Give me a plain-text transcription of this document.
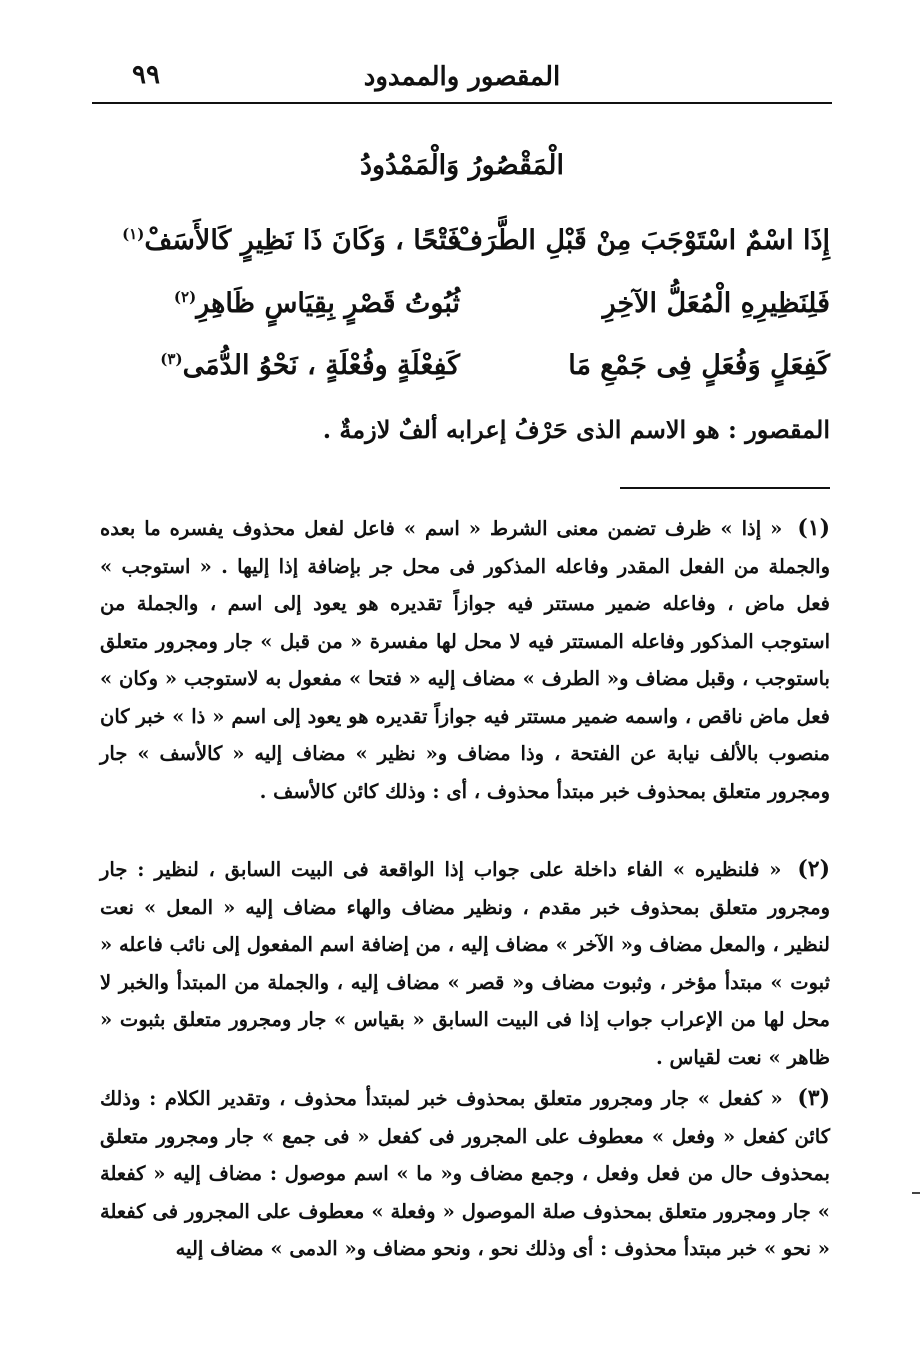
المقصور والممدود
٩٩
الْمَقْصُورُ وَالْمَمْدُودُ
إِذَا اسْمٌ اسْتَوْجَبَ مِنْ قَبْلِ الطَّرَفْ
فَتْحًا ، وَكَانَ ذَا نَظِيرٍ كَالأَسَفْ$^{(١)}$
فَلِنَظِيرِهِ الْمُعَلُّ الآخِرِ
ثُبُوتُ قَصْرٍ بِقِيَاسٍ ظَاهِرِ$^{(٢)}$
كَفِعَلٍ وَفُعَلٍ فِى جَمْعِ مَا
كَفِعْلَةٍ وفُعْلَةٍ ، نَحْوُ الدُّمَى$^{(٣)}$
المقصور : هو الاسم الذى حَرْفُ إعرابه ألفٌ لازمةٌ .
(١) « إذا » ظرف تضمن معنى الشرط « اسم » فاعل لفعل محذوف يفسره ما بعده والجملة من الفعل المقدر وفاعله المذكور فى محل جر بإضافة إذا إليها . « استوجب » فعل ماض ، وفاعله ضمير مستتر فيه جوازاً تقديره هو يعود إلى اسم ، والجملة من استوجب المذكور وفاعله المستتر فيه لا محل لها مفسرة « من قبل » جار ومجرور متعلق باستوجب ، وقبل مضاف و« الطرف » مضاف إليه « فتحا » مفعول به لاستوجب « وكان » فعل ماض ناقص ، واسمه ضمير مستتر فيه جوازاً تقديره هو يعود إلى اسم « ذا » خبر كان منصوب بالألف نيابة عن الفتحة ، وذا مضاف و« نظير » مضاف إليه « كالأسف » جار ومجرور متعلق بمحذوف خبر مبتدأ محذوف ، أى : وذلك كائن كالأسف .
(٢) « فلنظيره » الفاء داخلة على جواب إذا الواقعة فى البيت السابق ، لنظير : جار ومجرور متعلق بمحذوف خبر مقدم ، ونظير مضاف والهاء مضاف إليه « المعل » نعت لنظير ، والمعل مضاف و« الآخر » مضاف إليه ، من إضافة اسم المفعول إلى نائب فاعله « ثبوت » مبتدأ مؤخر ، وثبوت مضاف و« قصر » مضاف إليه ، والجملة من المبتدأ والخبر لا محل لها من الإعراب جواب إذا فى البيت السابق « بقياس » جار ومجرور متعلق بثبوت « ظاهر » نعت لقياس .
(٣) « كفعل » جار ومجرور متعلق بمحذوف خبر لمبتدأ محذوف ، وتقدير الكلام : وذلك كائن كفعل « وفعل » معطوف على المجرور فى كفعل « فى جمع » جار ومجرور متعلق بمحذوف حال من فعل وفعل ، وجمع مضاف و« ما » اسم موصول : مضاف إليه « كفعلة » جار ومجرور متعلق بمحذوف صلة الموصول « وفعلة » معطوف على المجرور فى كفعلة « نحو » خبر مبتدأ محذوف : أى وذلك نحو ، ونحو مضاف و« الدمى » مضاف إليه
